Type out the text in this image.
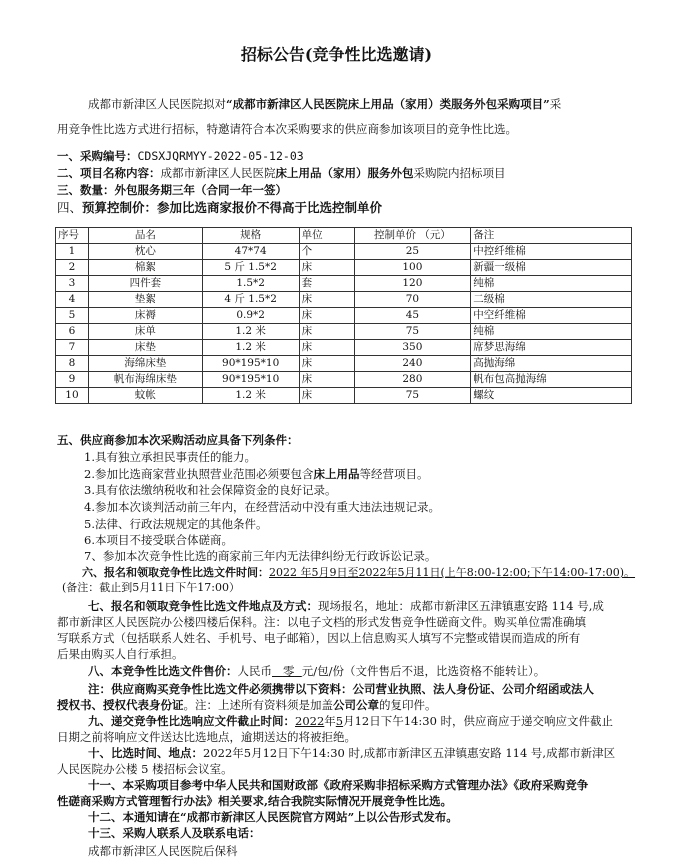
招标公告(竞争性比选邀请)
成都市新津区人民医院拟对“成都市新津区人民医院床上用品（家用）类服务外包采购项目”采
用竞争性比选方式进行招标，特邀请符合本次采购要求的供应商参加该项目的竞争性比选。
一、采购编号：CDSXJQRMYY-2022-05-12-03
二、项目名称内容：成都市新津区人民医院床上用品（家用）服务外包采购院内招标项目
三、数量：外包服务期三年（合同一年一签）
四、预算控制价：参加比选商家报价不得高于比选控制单价
序号	品名	规格	单位	控制单价 （元）	备注
1	枕心	47*74	个	25	中控纤维棉
2	棉絮	5 斤 1.5*2	床	100	新疆一级棉
3	四件套	1.5*2	套	120	纯棉
4	垫絮	4 斤 1.5*2	床	70	二级棉
5	床褥	0.9*2	床	45	中空纤维棉
6	床单	1.2 米	床	75	纯棉
7	床垫	1.2 米	床	350	席梦思海绵
8	海绵床垫	90*195*10	床	240	高抛海绵
9	帆布海绵床垫	90*195*10	床	280	帆布包高抛海绵
10	蚊帐	1.2 米	床	75	螺纹
五、供应商参加本次采购活动应具备下列条件：
1.具有独立承担民事责任的能力。
2.参加比选商家营业执照营业范围必须要包含床上用品等经营项目。
3.具有依法缴纳税收和社会保障资金的良好记录。
4.参加本次谈判活动前三年内，在经营活动中没有重大违法违规记录。
5.法律、行政法规规定的其他条件。
6.本项目不接受联合体磋商。
7、参加本次竞争性比选的商家前三年内无法律纠纷无行政诉讼记录。
六、报名和领取竞争性比选文件时间：2022 年5月9日至2022年5月11日(上午8:00-12:00;下午14:00-17:00)。
(备注：截止到5月11日下午17:00）
七、报名和领取竞争性比选文件地点及方式：现场报名，地址：成都市新津区五津镇惠安路 114 号,成
都市新津区人民医院办公楼四楼后保科。注：以电子文档的形式发售竞争性磋商文件。购买单位需准确填
写联系方式（包括联系人姓名、手机号、电子邮箱），因以上信息购买人填写不完整或错误而造成的所有
后果由购买人自行承担。
八、本竞争性比选文件售价：人民币 零 元/包/份（文件售后不退，比选资格不能转让）。
注：供应商购买竞争性比选文件必须携带以下资料：公司营业执照、法人身份证、公司介绍函或法人
授权书、授权代表身份证。注：上述所有资料须是加盖公司公章的复印件。
九、递交竞争性比选响应文件截止时间：2022年5月12日下午14:30 时，供应商应于递交响应文件截止
日期之前将响应文件送达比选地点，逾期送达的将被拒绝。
十、比选时间、地点：2022年5月12日下午14:30 时,成都市新津区五津镇惠安路 114 号,成都市新津区
人民医院办公楼 5 楼招标会议室。
十一、本采购项目参考中华人民共和国财政部《政府采购非招标采购方式管理办法》《政府采购竞争
性磋商采购方式管理暂行办法》相关要求,结合我院实际情况开展竞争性比选。
十二、本通知请在“成都市新津区人民医院官方网站”上以公告形式发布。
十三、采购人联系人及联系电话：
成都市新津区人民医院后保科
